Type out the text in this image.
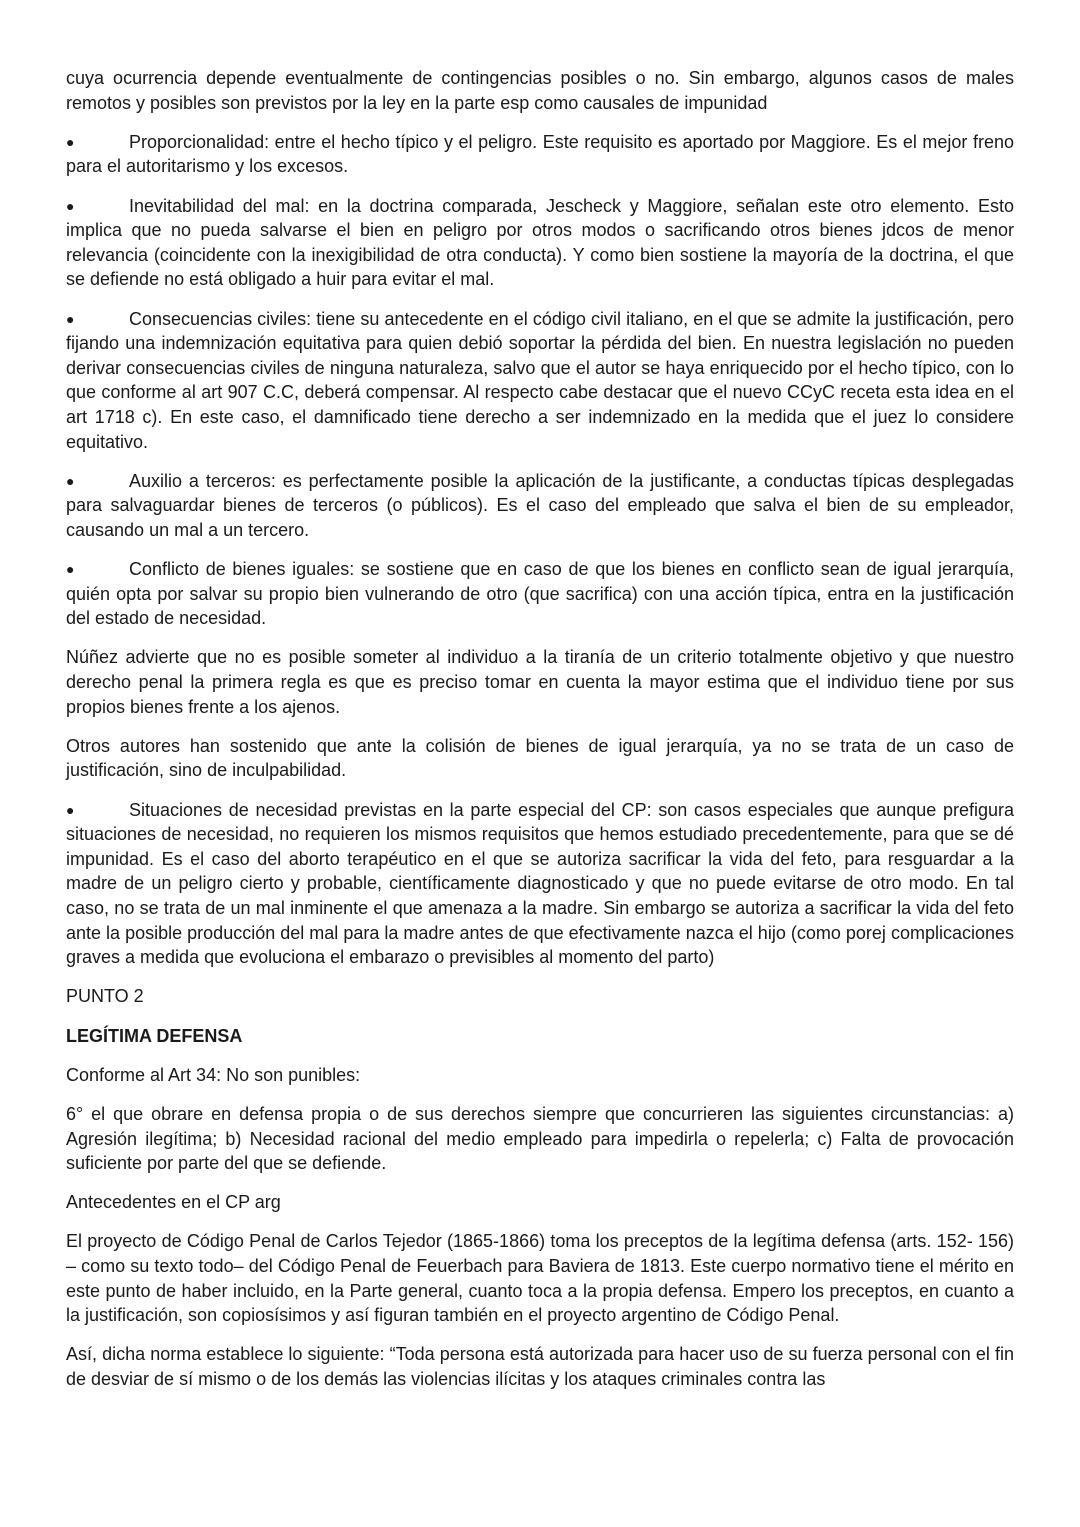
cuya ocurrencia depende eventualmente de contingencias posibles o no. Sin embargo, algunos casos de males remotos y posibles son previstos por la ley en la parte esp como causales de impunidad

●	Proporcionalidad: entre el hecho típico y el peligro. Este requisito es aportado por Maggiore. Es el mejor freno para el autoritarismo y los excesos.

●	Inevitabilidad del mal: en la doctrina comparada, Jescheck y Maggiore, señalan este otro elemento. Esto implica que no pueda salvarse el bien en peligro por otros modos o sacrificando otros bienes jdcos de menor relevancia (coincidente con la inexigibilidad de otra conducta). Y como bien sostiene la mayoría de la doctrina, el que se defiende no está obligado a huir para evitar el mal.

●	Consecuencias civiles: tiene su antecedente en el código civil italiano, en el que se admite la justificación, pero fijando una indemnización equitativa para quien debió soportar la pérdida del bien. En nuestra legislación no pueden derivar consecuencias civiles de ninguna naturaleza, salvo que el autor se haya enriquecido por el hecho típico, con lo que conforme al art 907 C.C, deberá compensar. Al respecto cabe destacar que el nuevo CCyC receta esta idea en el art 1718 c). En este caso, el damnificado tiene derecho a ser indemnizado en la medida que el juez lo considere equitativo.

●	Auxilio a terceros: es perfectamente posible la aplicación de la justificante, a conductas típicas desplegadas para salvaguardar bienes de terceros (o públicos). Es el caso del empleado que salva el bien de su empleador, causando un mal a un tercero.

●	Conflicto de bienes iguales: se sostiene que en caso de que los bienes en conflicto sean de igual jerarquía, quién opta por salvar su propio bien vulnerando de otro (que sacrifica) con una acción típica, entra en la justificación del estado de necesidad.

Núñez advierte que no es posible someter al individuo a la tiranía de un criterio totalmente objetivo y que nuestro derecho penal la primera regla es que es preciso tomar en cuenta la mayor estima que el individuo tiene por sus propios bienes frente a los ajenos.

Otros autores han sostenido que ante la colisión de bienes de igual jerarquía, ya no se trata de un caso de justificación, sino de inculpabilidad.

●	Situaciones de necesidad previstas en la parte especial del CP: son casos especiales que aunque prefigura situaciones de necesidad, no requieren los mismos requisitos que hemos estudiado precedentemente, para que se dé impunidad. Es el caso del aborto terapéutico en el que se autoriza sacrificar la vida del feto, para resguardar a la madre de un peligro cierto y probable, científicamente diagnosticado y que no puede evitarse de otro modo. En tal caso, no se trata de un mal inminente el que amenaza a la madre. Sin embargo se autoriza a sacrificar la vida del feto ante la posible producción del mal para la madre antes de que efectivamente nazca el hijo (como porej complicaciones graves a medida que evoluciona el embarazo o previsibles al momento del parto)

PUNTO 2

LEGÍTIMA DEFENSA

Conforme al Art 34: No son punibles:

6° el que obrare en defensa propia o de sus derechos siempre que concurrieren las siguientes circunstancias: a) Agresión ilegítima; b) Necesidad racional del medio empleado para impedirla o repelerla; c) Falta de provocación suficiente por parte del que se defiende.

Antecedentes en el CP arg

El proyecto de Código Penal de Carlos Tejedor (1865-1866) toma los preceptos de la legítima defensa (arts. 152- 156) – como su texto todo– del Código Penal de Feuerbach para Baviera de 1813. Este cuerpo normativo tiene el mérito en este punto de haber incluido, en la Parte general, cuanto toca a la propia defensa. Empero los preceptos, en cuanto a la justificación, son copiosísimos y así figuran también en el proyecto argentino de Código Penal.

Así, dicha norma establece lo siguiente: “Toda persona está autorizada para hacer uso de su fuerza personal con el fin de desviar de sí mismo o de los demás las violencias ilícitas y los ataques criminales contra las
